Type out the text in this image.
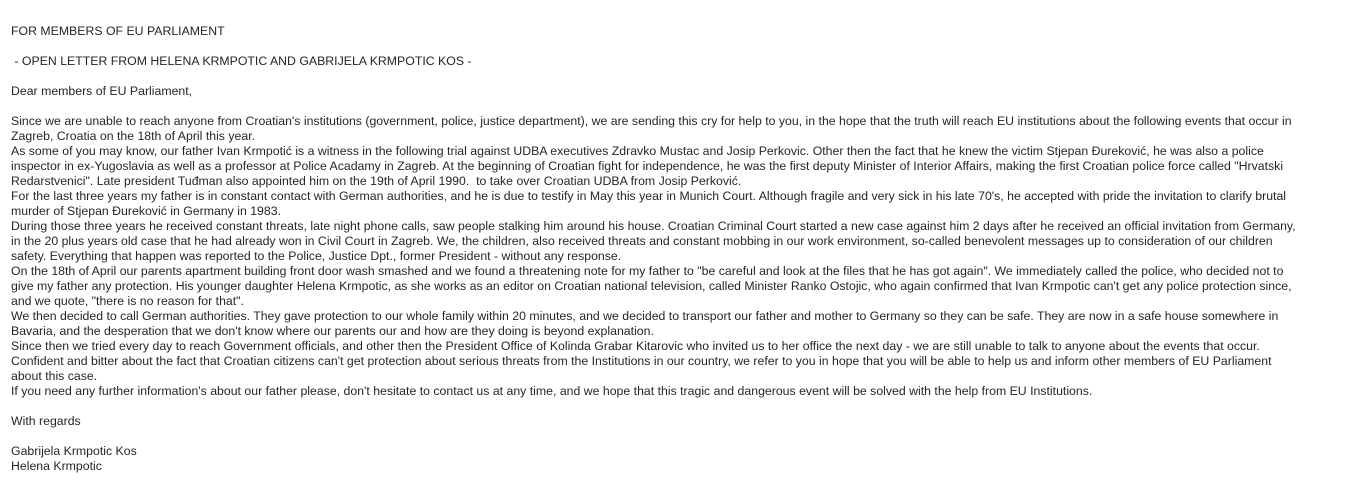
FOR MEMBERS OF EU PARLIAMENT
- OPEN LETTER FROM HELENA KRMPOTIC AND GABRIJELA KRMPOTIC KOS -
Dear members of EU Parliament,
Since we are unable to reach anyone from Croatian's institutions (government, police, justice department), we are sending this cry for help to you, in the hope that the truth will reach EU institutions about the following events that occur in
Zagreb, Croatia on the 18th of April this year.
As some of you may know, our father Ivan Krmpotić is a witness in the following trial against UDBA executives Zdravko Mustac and Josip Perkovic. Other then the fact that he knew the victim Stjepan Đureković, he was also a police
inspector in ex-Yugoslavia as well as a professor at Police Acadamy in Zagreb. At the beginning of Croatian fight for independence, he was the first deputy Minister of Interior Affairs, making the first Croatian police force called "Hrvatski
Redarstvenici". Late president Tuđman also appointed him on the 19th of April 1990.  to take over Croatian UDBA from Josip Perković.
For the last three years my father is in constant contact with German authorities, and he is due to testify in May this year in Munich Court. Although fragile and very sick in his late 70's, he accepted with pride the invitation to clarify brutal
murder of Stjepan Đureković in Germany in 1983.
During those three years he received constant threats, late night phone calls, saw people stalking him around his house. Croatian Criminal Court started a new case against him 2 days after he received an official invitation from Germany,
in the 20 plus years old case that he had already won in Civil Court in Zagreb. We, the children, also received threats and constant mobbing in our work environment, so-called benevolent messages up to consideration of our children
safety. Everything that happen was reported to the Police, Justice Dpt., former President - without any response.
On the 18th of April our parents apartment building front door wash smashed and we found a threatening note for my father to "be careful and look at the files that he has got again". We immediately called the police, who decided not to
give my father any protection. His younger daughter Helena Krmpotic, as she works as an editor on Croatian national television, called Minister Ranko Ostojic, who again confirmed that Ivan Krmpotic can't get any police protection since,
and we quote, "there is no reason for that".
We then decided to call German authorities. They gave protection to our whole family within 20 minutes, and we decided to transport our father and mother to Germany so they can be safe. They are now in a safe house somewhere in
Bavaria, and the desperation that we don't know where our parents our and how are they doing is beyond explanation.
Since then we tried every day to reach Government officials, and other then the President Office of Kolinda Grabar Kitarovic who invited us to her office the next day - we are still unable to talk to anyone about the events that occur.
Confident and bitter about the fact that Croatian citizens can't get protection about serious threats from the Institutions in our country, we refer to you in hope that you will be able to help us and inform other members of EU Parliament
about this case.
If you need any further information's about our father please, don't hesitate to contact us at any time, and we hope that this tragic and dangerous event will be solved with the help from EU Institutions.
With regards
Gabrijela Krmpotic Kos
Helena Krmpotic
